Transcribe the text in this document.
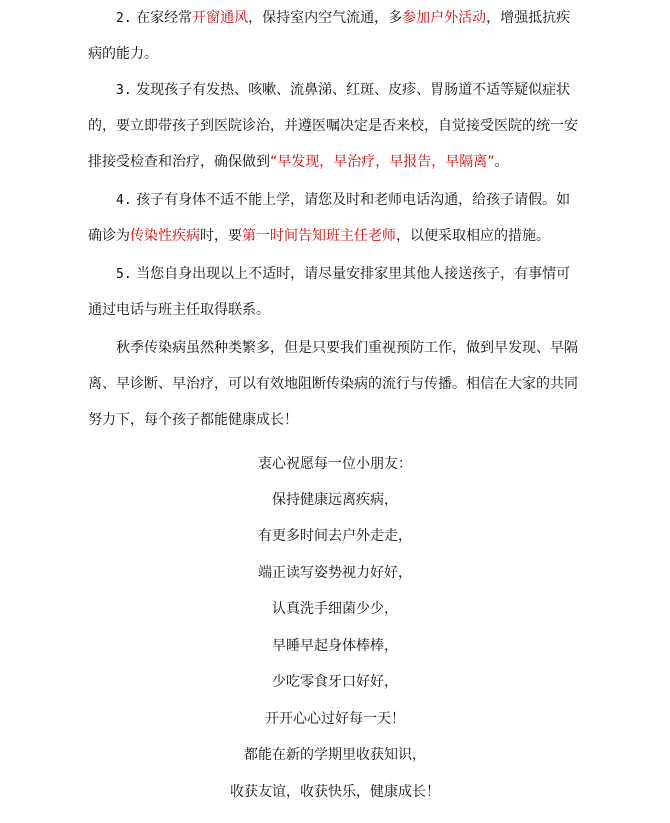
2. 在家经常开窗通风，保持室内空气流通，多参加户外活动，增强抵抗疾
病的能力。
3. 发现孩子有发热、咳嗽、流鼻涕、红斑、皮疹、胃肠道不适等疑似症状
的，要立即带孩子到医院诊治，并遵医嘱决定是否来校，自觉接受医院的统一安
排接受检查和治疗，确保做到“早发现，早治疗，早报告，早隔离”。
4. 孩子有身体不适不能上学，请您及时和老师电话沟通，给孩子请假。如
确诊为传染性疾病时，要第一时间告知班主任老师，以便采取相应的措施。
5. 当您自身出现以上不适时，请尽量安排家里其他人接送孩子，有事情可
通过电话与班主任取得联系。
秋季传染病虽然种类繁多，但是只要我们重视预防工作，做到早发现、早隔
离、早诊断、早治疗，可以有效地阻断传染病的流行与传播。相信在大家的共同
努力下，每个孩子都能健康成长！
衷心祝愿每一位小朋友：
保持健康远离疾病，
有更多时间去户外走走，
端正读写姿势视力好好，
认真洗手细菌少少，
早睡早起身体棒棒，
少吃零食牙口好好，
开开心心过好每一天！
都能在新的学期里收获知识，
收获友谊，收获快乐，健康成长！
